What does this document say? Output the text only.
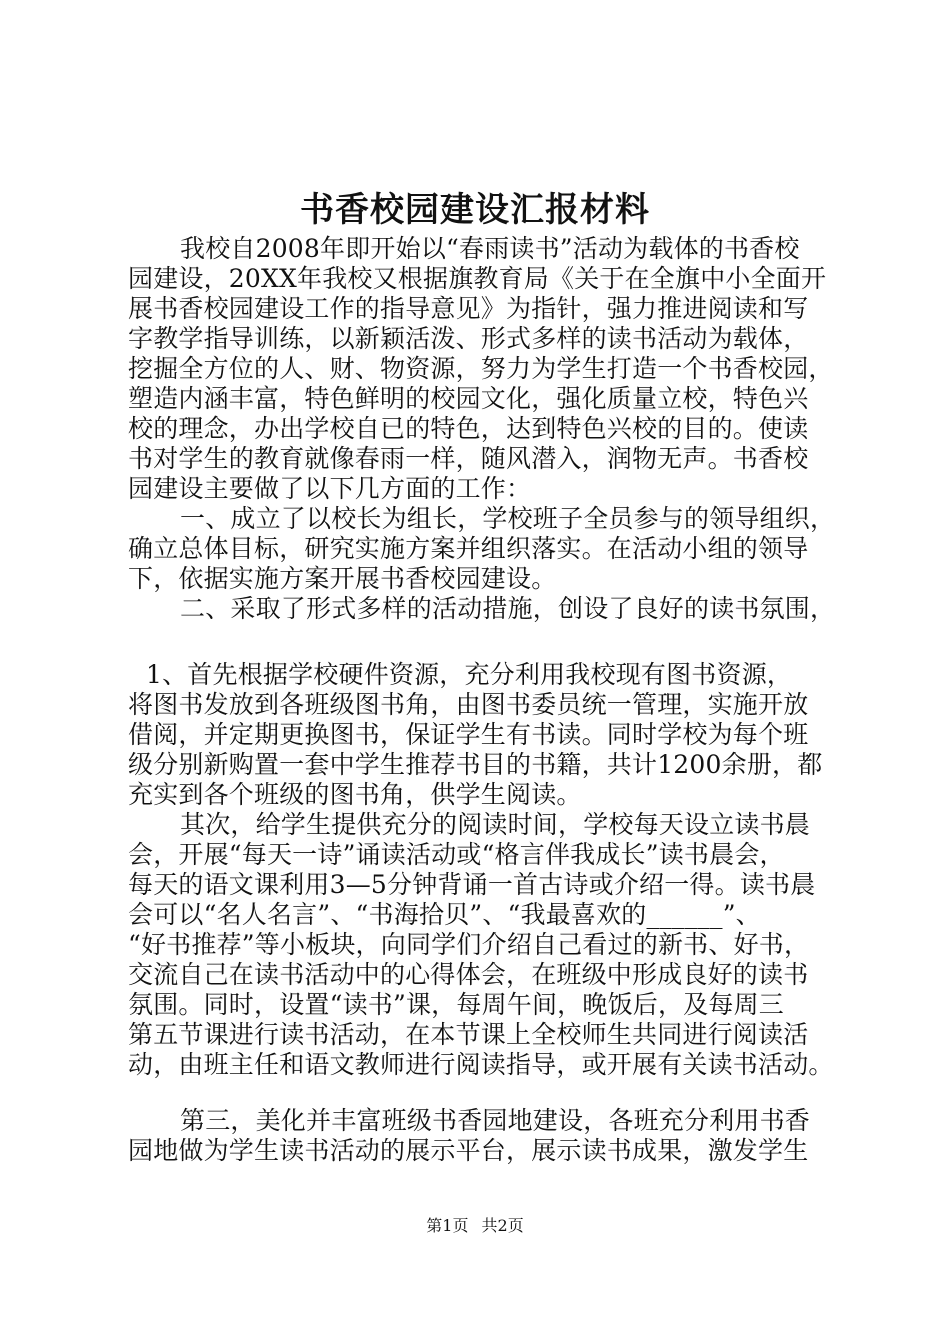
书香校园建设汇报材料
我校自2008年即开始以“春雨读书”活动为载体的书香校
园建设，20XX年我校又根据旗教育局《关于在全旗中小全面开
展书香校园建设工作的指导意见》为指针，强力推进阅读和写
字教学指导训练，以新颖活泼、形式多样的读书活动为载体，
挖掘全方位的人、财、物资源，努力为学生打造一个书香校园，
塑造内涵丰富，特色鲜明的校园文化，强化质量立校，特色兴
校的理念，办出学校自已的特色，达到特色兴校的目的。使读
书对学生的教育就像春雨一样，随风潜入，润物无声。书香校
园建设主要做了以下几方面的工作：
一、成立了以校长为组长，学校班子全员参与的领导组织，
确立总体目标，研究实施方案并组织落实。在活动小组的领导
下，依据实施方案开展书香校园建设。
二、采取了形式多样的活动措施，创设了良好的读书氛围，
1、首先根据学校硬件资源，充分利用我校现有图书资源，
将图书发放到各班级图书角，由图书委员统一管理，实施开放
借阅，并定期更换图书，保证学生有书读。同时学校为每个班
级分别新购置一套中学生推荐书目的书籍，共计1200余册，都
充实到各个班级的图书角，供学生阅读。
其次，给学生提供充分的阅读时间，学校每天设立读书晨
会，开展“每天一诗”诵读活动或“格言伴我成长”读书晨会，
每天的语文课利用3—5分钟背诵一首古诗或介绍一得。读书晨
会可以“名人名言”、“书海拾贝”、“我最喜欢的______”、
“好书推荐”等小板块，向同学们介绍自己看过的新书、好书，
交流自己在读书活动中的心得体会，在班级中形成良好的读书
氛围。同时，设置“读书”课，每周午间，晚饭后，及每周三
第五节课进行读书活动，在本节课上全校师生共同进行阅读活
动，由班主任和语文教师进行阅读指导，或开展有关读书活动。
第三，美化并丰富班级书香园地建设，各班充分利用书香
园地做为学生读书活动的展示平台，展示读书成果，激发学生
第1页 共2页
